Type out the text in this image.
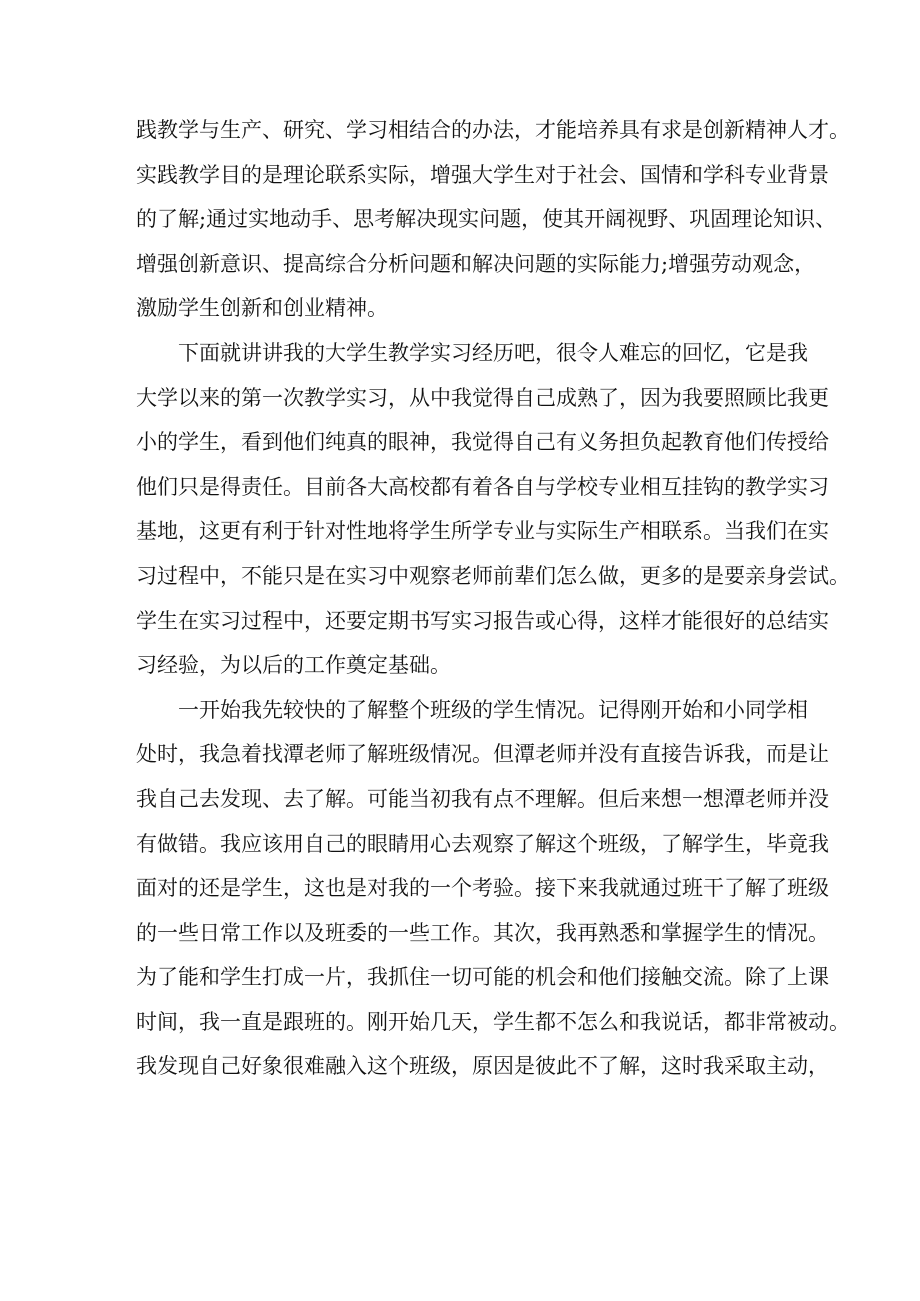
践教学与生产、研究、学习相结合的办法，才能培养具有求是创新精神人才。
实践教学目的是理论联系实际，增强大学生对于社会、国情和学科专业背景
的了解;通过实地动手、思考解决现实问题，使其开阔视野、巩固理论知识、
增强创新意识、提高综合分析问题和解决问题的实际能力;增强劳动观念，
激励学生创新和创业精神。
下面就讲讲我的大学生教学实习经历吧，很令人难忘的回忆，它是我
大学以来的第一次教学实习，从中我觉得自己成熟了，因为我要照顾比我更
小的学生，看到他们纯真的眼神，我觉得自己有义务担负起教育他们传授给
他们只是得责任。目前各大高校都有着各自与学校专业相互挂钩的教学实习
基地，这更有利于针对性地将学生所学专业与实际生产相联系。当我们在实
习过程中，不能只是在实习中观察老师前辈们怎么做，更多的是要亲身尝试。
学生在实习过程中，还要定期书写实习报告或心得，这样才能很好的总结实
习经验，为以后的工作奠定基础。
一开始我先较快的了解整个班级的学生情况。记得刚开始和小同学相
处时，我急着找潭老师了解班级情况。但潭老师并没有直接告诉我，而是让
我自己去发现、去了解。可能当初我有点不理解。但后来想一想潭老师并没
有做错。我应该用自己的眼睛用心去观察了解这个班级，了解学生，毕竟我
面对的还是学生，这也是对我的一个考验。接下来我就通过班干了解了班级
的一些日常工作以及班委的一些工作。其次，我再熟悉和掌握学生的情况。
为了能和学生打成一片，我抓住一切可能的机会和他们接触交流。除了上课
时间，我一直是跟班的。刚开始几天，学生都不怎么和我说话，都非常被动。
我发现自己好象很难融入这个班级，原因是彼此不了解，这时我采取主动，
